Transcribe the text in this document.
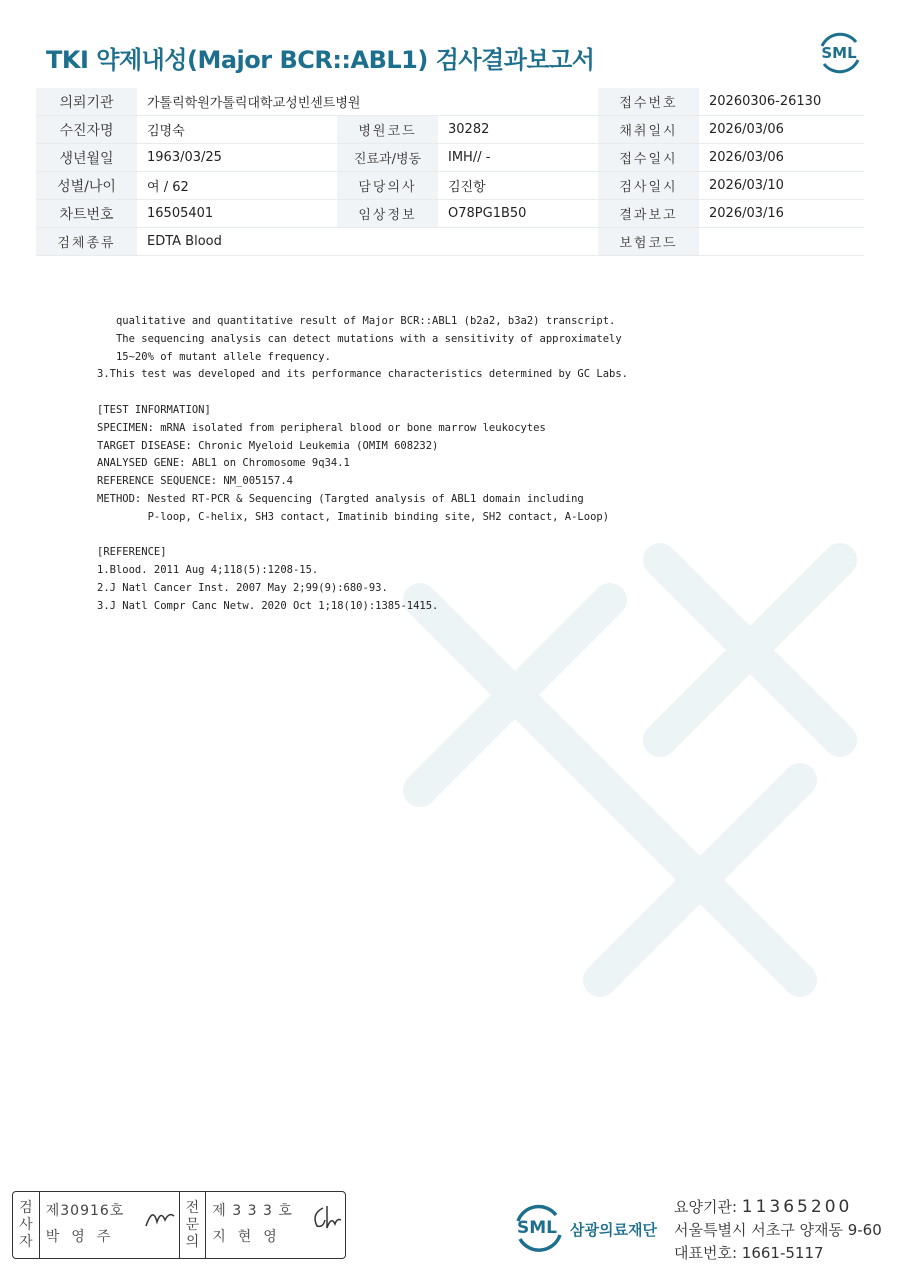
TKI 약제내성(Major BCR::ABL1) 검사결과보고서	SML
의뢰기관	가톨릭학원가톨릭대학교성빈센트병원			접수번호	20260306-26130
수진자명	김명숙	병원코드	30282	채취일시	2026/03/06
생년월일	1963/03/25	진료과/병동	IMH// -	접수일시	2026/03/06
성별/나이	여 / 62	담당의사	김진항	검사일시	2026/03/10
차트번호	16505401	임상정보	O78PG1B50	결과보고	2026/03/16
검체종류	EDTA Blood			보험코드	
qualitative and quantitative result of Major BCR::ABL1 (b2a2, b3a2) transcript.
The sequencing analysis can detect mutations with a sensitivity of approximately
15~20% of mutant allele frequency.
3.This test was developed and its performance characteristics determined by GC Labs.

[TEST INFORMATION]
SPECIMEN: mRNA isolated from peripheral blood or bone marrow leukocytes
TARGET DISEASE: Chronic Myeloid Leukemia (OMIM 608232)
ANALYSED GENE: ABL1 on Chromosome 9q34.1
REFERENCE SEQUENCE: NM_005157.4
METHOD: Nested RT-PCR & Sequencing (Targted analysis of ABL1 domain including
P-loop, C-helix, SH3 contact, Imatinib binding site, SH2 contact, A-Loop)

[REFERENCE]
1.Blood. 2011 Aug 4;118(5):1208-15.
2.J Natl Cancer Inst. 2007 May 2;99(9):680-93.
3.J Natl Compr Canc Netw. 2020 Oct 1;18(10):1385-1415.
검
사
자
제30916호
박영주
전
문
의
제 3 3 3 호
지현영	SML 삼광의료재단
요양기관: 11365200
서울특별시 서초구 양재동 9-60
대표번호: 1661-5117
